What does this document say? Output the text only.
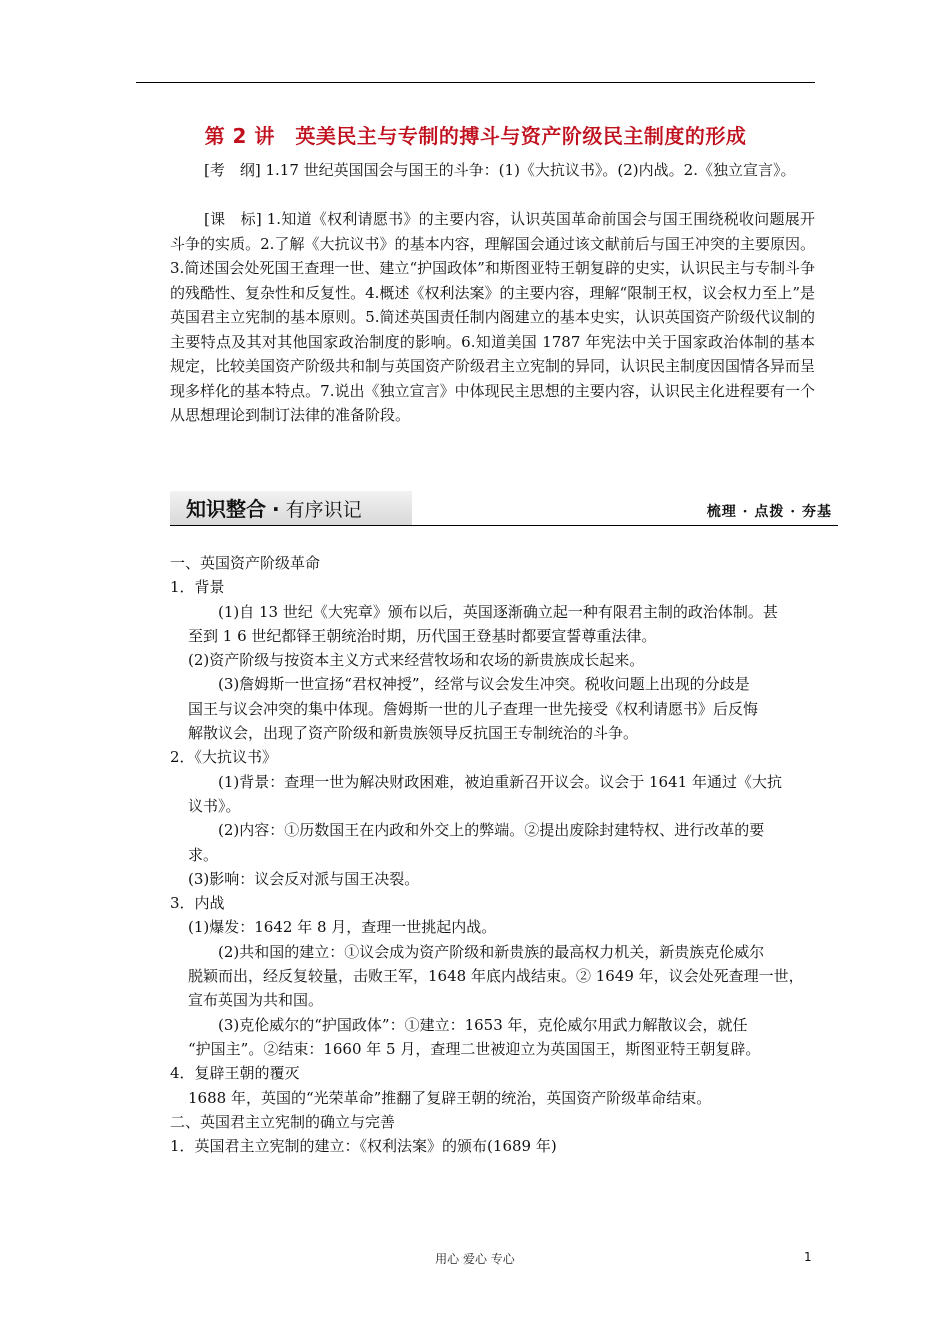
第 2 讲　英美民主与专制的搏斗与资产阶级民主制度的形成
[考　纲] 1.17 世纪英国国会与国王的斗争：(1)《大抗议书》。(2)内战。2.《独立宣言》。
[课　标] 1.知道《权利请愿书》的主要内容，认识英国革命前国会与国王围绕税收问题展开斗争的实质。2.了解《大抗议书》的基本内容，理解国会通过该文献前后与国王冲突的主要原因。3.简述国会处死国王查理一世、建立“护国政体”和斯图亚特王朝复辟的史实，认识民主与专制斗争的残酷性、复杂性和反复性。4.概述《权利法案》的主要内容，理解“限制王权，议会权力至上”是英国君主立宪制的基本原则。5.简述英国责任制内阁建立的基本史实，认识英国资产阶级代议制的主要特点及其对其他国家政治制度的影响。6.知道美国 1787 年宪法中关于国家政治体制的基本规定，比较美国资产阶级共和制与英国资产阶级君主立宪制的异同，认识民主制度因国情各异而呈现多样化的基本特点。7.说出《独立宣言》中体现民主思想的主要内容，认识民主化进程要有一个从思想理论到制订法律的准备阶段。
知识整合 · 有序识记	梳理 · 点拨 · 夯基
一、英国资产阶级革命
1．背景
(1)自 13 世纪《大宪章》颁布以后，英国逐渐确立起一种有限君主制的政治体制。甚
至到 1 6 世纪都铎王朝统治时期，历代国王登基时都要宣誓尊重法律。
(2)资产阶级与按资本主义方式来经营牧场和农场的新贵族成长起来。
(3)詹姆斯一世宣扬“君权神授”，经常与议会发生冲突。税收问题上出现的分歧是
国王与议会冲突的集中体现。詹姆斯一世的儿子查理一世先接受《权利请愿书》后反悔
解散议会，出现了资产阶级和新贵族领导反抗国王专制统治的斗争。
2．《大抗议书》
(1)背景：查理一世为解决财政困难，被迫重新召开议会。议会于 1641 年通过《大抗
议书》。
(2)内容：①历数国王在内政和外交上的弊端。②提出废除封建特权、进行改革的要
求。
(3)影响：议会反对派与国王决裂。
3．内战
(1)爆发：1642 年 8 月，查理一世挑起内战。
(2)共和国的建立：①议会成为资产阶级和新贵族的最高权力机关，新贵族克伦威尔
脱颖而出，经反复较量，击败王军，1648 年底内战结束。② 1649 年，议会处死查理一世，
宣布英国为共和国。
(3)克伦威尔的“护国政体”：①建立：1653 年，克伦威尔用武力解散议会，就任
“护国主”。②结束：1660 年 5 月，查理二世被迎立为英国国王，斯图亚特王朝复辟。
4．复辟王朝的覆灭
1688 年，英国的“光荣革命”推翻了复辟王朝的统治，英国资产阶级革命结束。
二、英国君主立宪制的确立与完善
1．英国君主立宪制的建立：《权利法案》的颁布(1689 年)
用心 爱心 专心	1
